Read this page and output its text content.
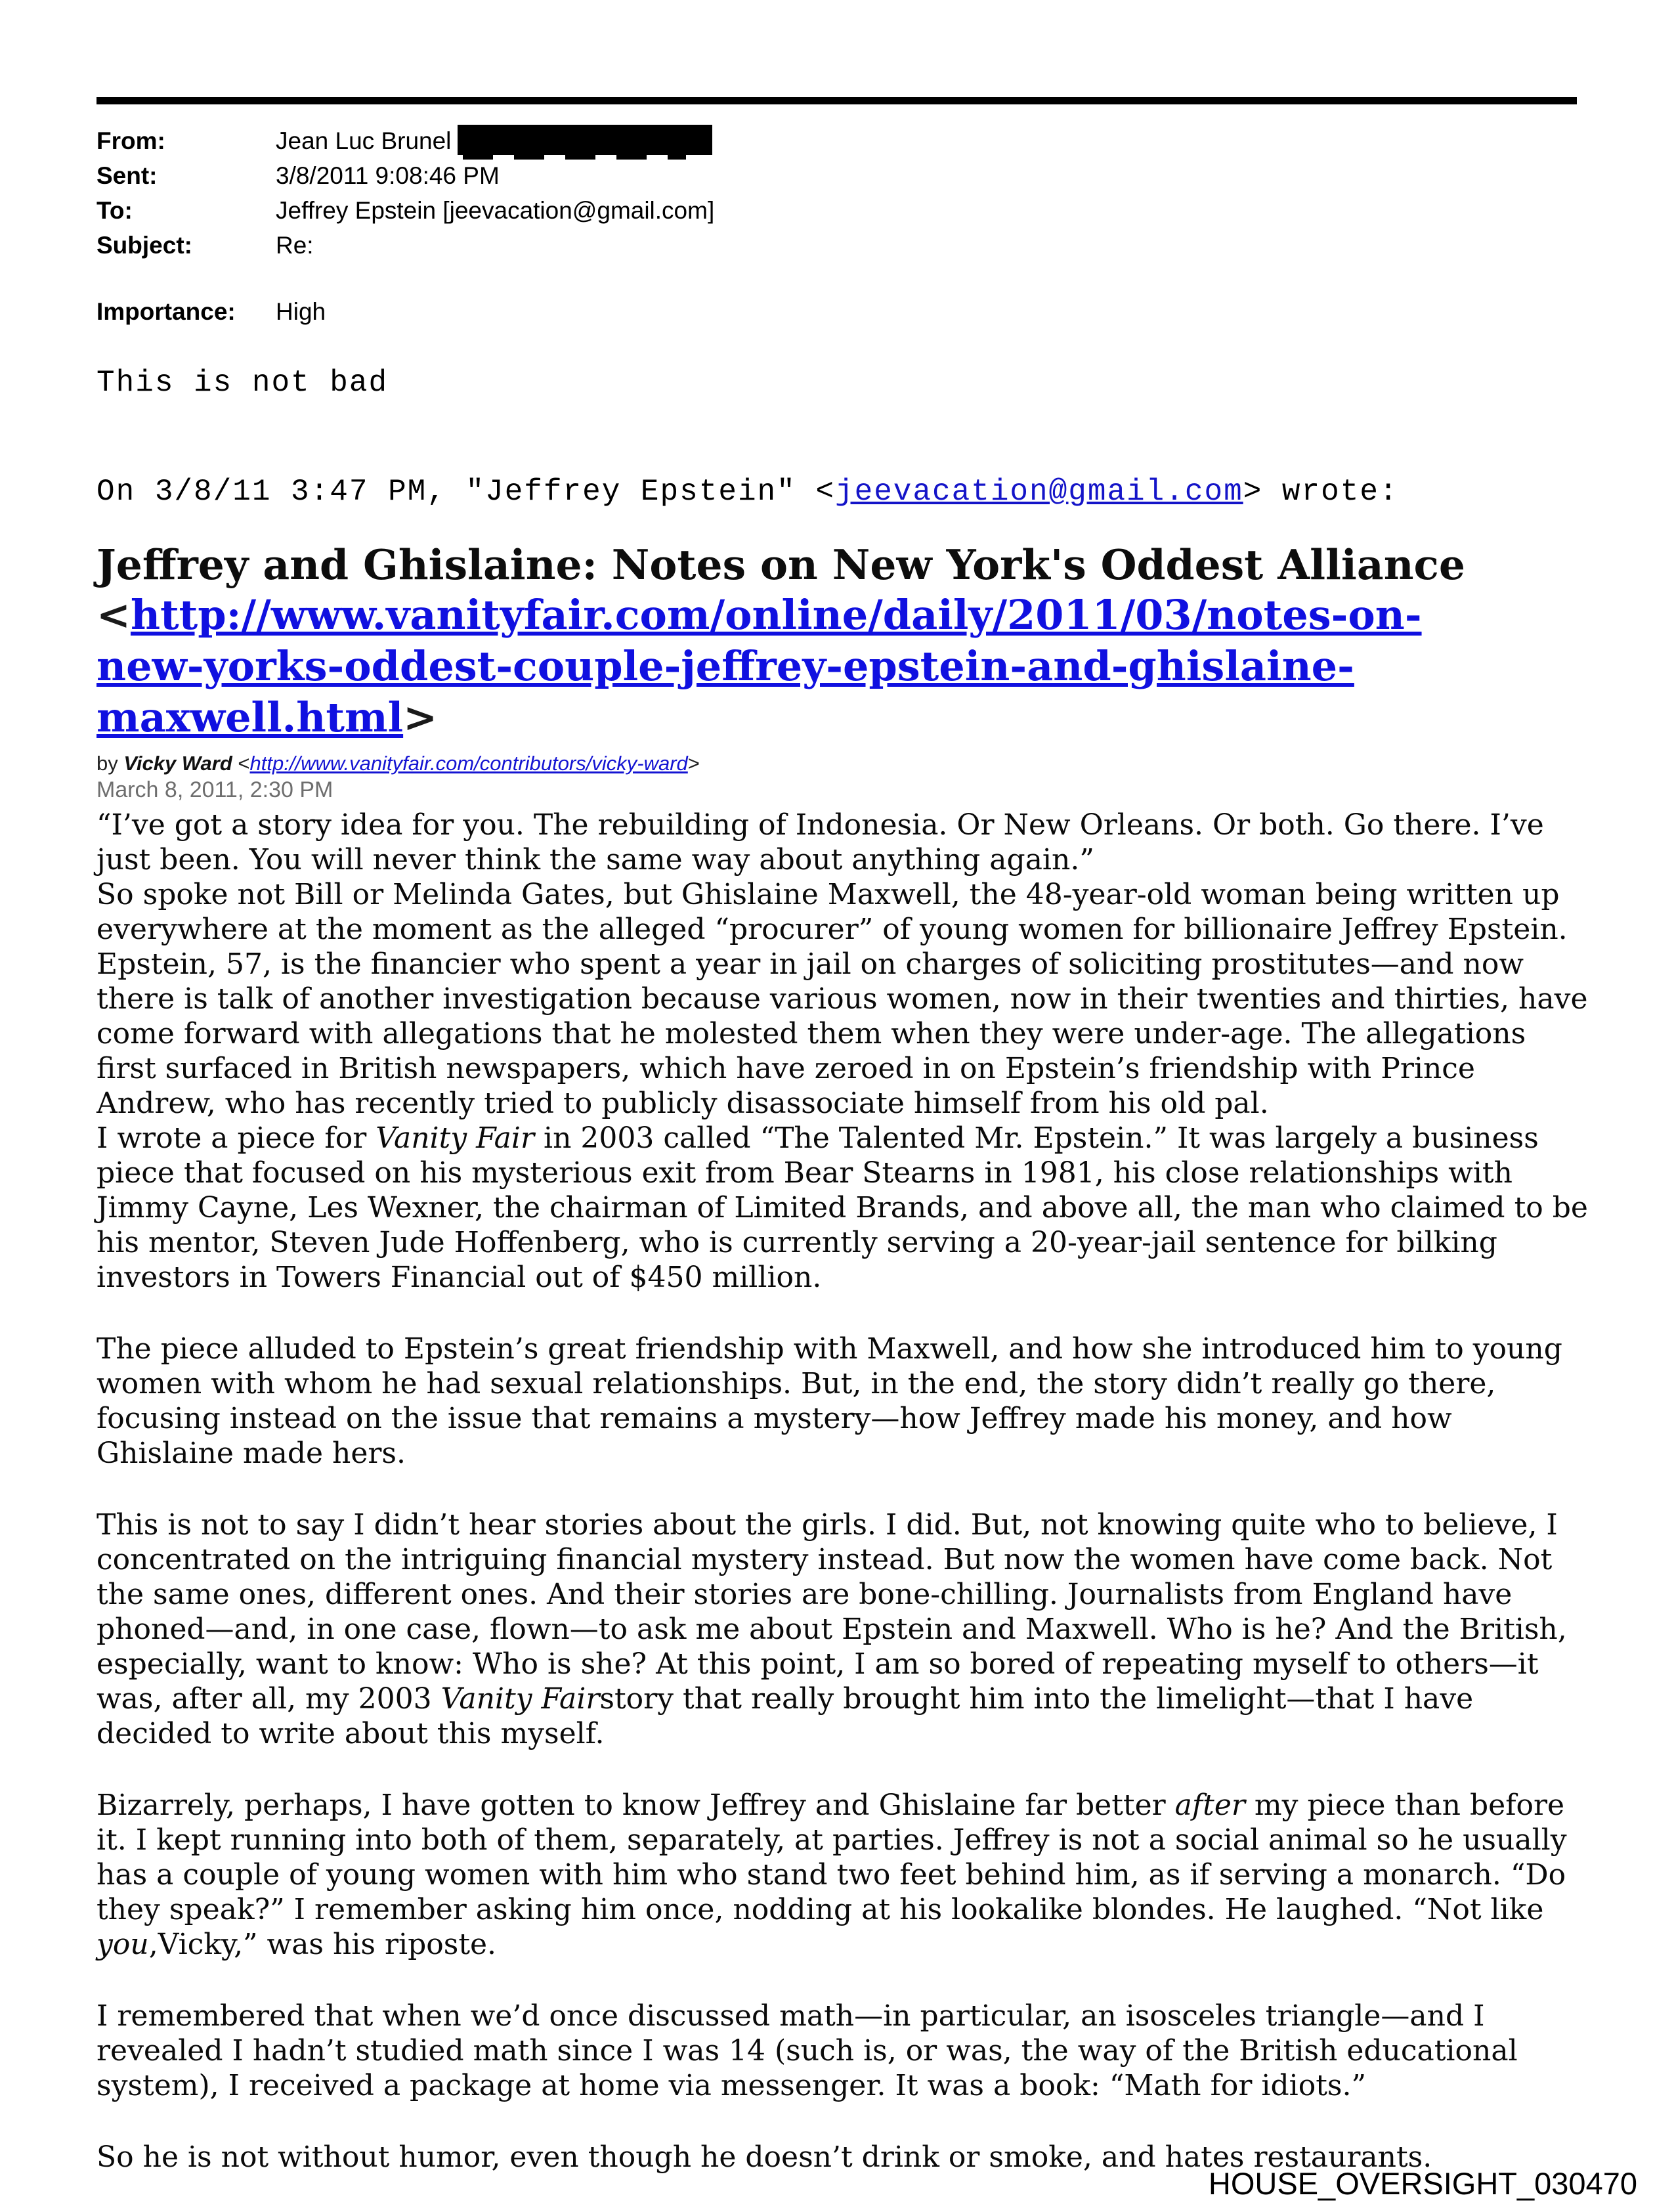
From:	Jean Luc Brunel
Sent:	3/8/2011 9:08:46 PM
To:	Jeffrey Epstein [jeevacation@gmail.com]
Subject:	Re:
Importance:	High
This is not bad
On 3/8/11 3:47 PM, "Jeffrey Epstein" <jeevacation@gmail.com> wrote:
Jeffrey and Ghislaine: Notes on New York's Oddest Alliance
<http://www.vanityfair.com/online/daily/2011/03/notes-on-
new-yorks-oddest-couple-jeffrey-epstein-and-ghislaine-
maxwell.html>
by Vicky Ward <http://www.vanityfair.com/contributors/vicky-ward>
March 8, 2011, 2:30 PM

“I’ve got a story idea for you. The rebuilding of Indonesia. Or New Orleans. Or both. Go there. I’ve just been. You will never think the same way about anything again.”

So spoke not Bill or Melinda Gates, but Ghislaine Maxwell, the 48-year-old woman being written up everywhere at the moment as the alleged “procurer” of young women for billionaire Jeffrey Epstein.

Epstein, 57, is the financier who spent a year in jail on charges of soliciting prostitutes—and now there is talk of another investigation because various women, now in their twenties and thirties, have come forward with allegations that he molested them when they were under-age. The allegations first surfaced in British newspapers, which have zeroed in on Epstein’s friendship with Prince Andrew, who has recently tried to publicly disassociate himself from his old pal.

I wrote a piece for Vanity Fair in 2003 called “The Talented Mr. Epstein.” It was largely a business piece that focused on his mysterious exit from Bear Stearns in 1981, his close relationships with Jimmy Cayne, Les Wexner, the chairman of Limited Brands, and above all, the man who claimed to be his mentor, Steven Jude Hoffenberg, who is currently serving a 20-year-jail sentence for bilking investors in Towers Financial out of $450 million.

The piece alluded to Epstein’s great friendship with Maxwell, and how she introduced him to young women with whom he had sexual relationships. But, in the end, the story didn’t really go there, focusing instead on the issue that remains a mystery—how Jeffrey made his money, and how Ghislaine made hers.

This is not to say I didn’t hear stories about the girls. I did. But, not knowing quite who to believe, I concentrated on the intriguing financial mystery instead. But now the women have come back. Not the same ones, different ones. And their stories are bone-chilling. Journalists from England have phoned—and, in one case, flown—to ask me about Epstein and Maxwell. Who is he? And the British, especially, want to know: Who is she? At this point, I am so bored of repeating myself to others—it was, after all, my 2003 Vanity Fairstory that really brought him into the limelight—that I have decided to write about this myself.

Bizarrely, perhaps, I have gotten to know Jeffrey and Ghislaine far better after my piece than before it. I kept running into both of them, separately, at parties. Jeffrey is not a social animal so he usually has a couple of young women with him who stand two feet behind him, as if serving a monarch. “Do they speak?” I remember asking him once, nodding at his lookalike blondes. He laughed. “Not like you,Vicky,” was his riposte.

I remembered that when we’d once discussed math—in particular, an isosceles triangle—and I revealed I hadn’t studied math since I was 14 (such is, or was, the way of the British educational system), I received a package at home via messenger. It was a book: “Math for idiots.”

So he is not without humor, even though he doesn’t drink or smoke, and hates restaurants.

HOUSE_OVERSIGHT_030470
